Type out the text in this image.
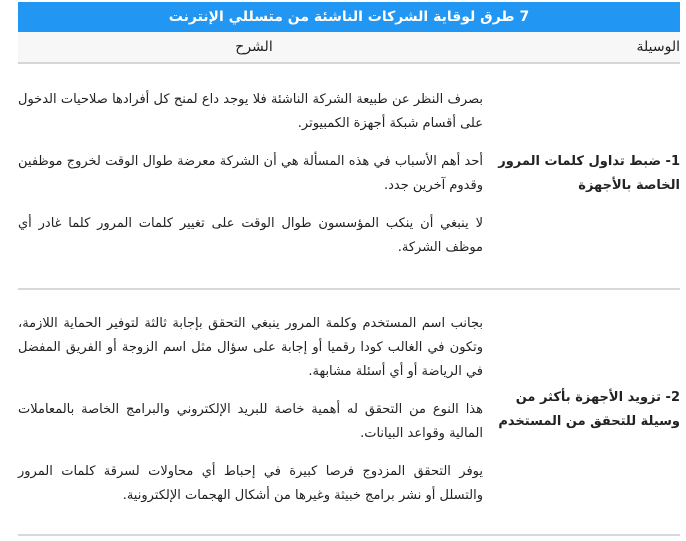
7 طرق لوقاية الشركات الناشئة من متسللي الإنترنت
الوسيلة	الشرح
1- ضبط تداول كلمات المرور الخاصة بالأجهزة	بصرف النظر عن طبيعة الشركة الناشئة فلا يوجد داع لمنح كل أفرادها صلاحيات الدخول على أقسام شبكة أجهزة الكمبيوتر.

أحد أهم الأسباب في هذه المسألة هي أن الشركة معرضة طوال الوقت لخروج موظفين وقدوم آخرين جدد.

لا ينبغي أن ينكب المؤسسون طوال الوقت على تغيير كلمات المرور كلما غادر أي موظف الشركة.

2- تزويد الأجهزة بأكثر من وسيلة للتحقق من المستخدم	بجانب اسم المستخدم وكلمة المرور ينبغي التحقق بإجابة ثالثة لتوفير الحماية اللازمة، وتكون في الغالب كودا رقميا أو إجابة على سؤال مثل اسم الزوجة أو الفريق المفضل في الرياضة أو أي أسئلة مشابهة.

هذا النوع من التحقق له أهمية خاصة للبريد الإلكتروني والبرامج الخاصة بالمعاملات المالية وقواعد البيانات.

يوفر التحقق المزدوج فرصا كبيرة في إحباط أي محاولات لسرقة كلمات المرور والتسلل أو نشر برامج خبيثة وغيرها من أشكال الهجمات الإلكترونية.
